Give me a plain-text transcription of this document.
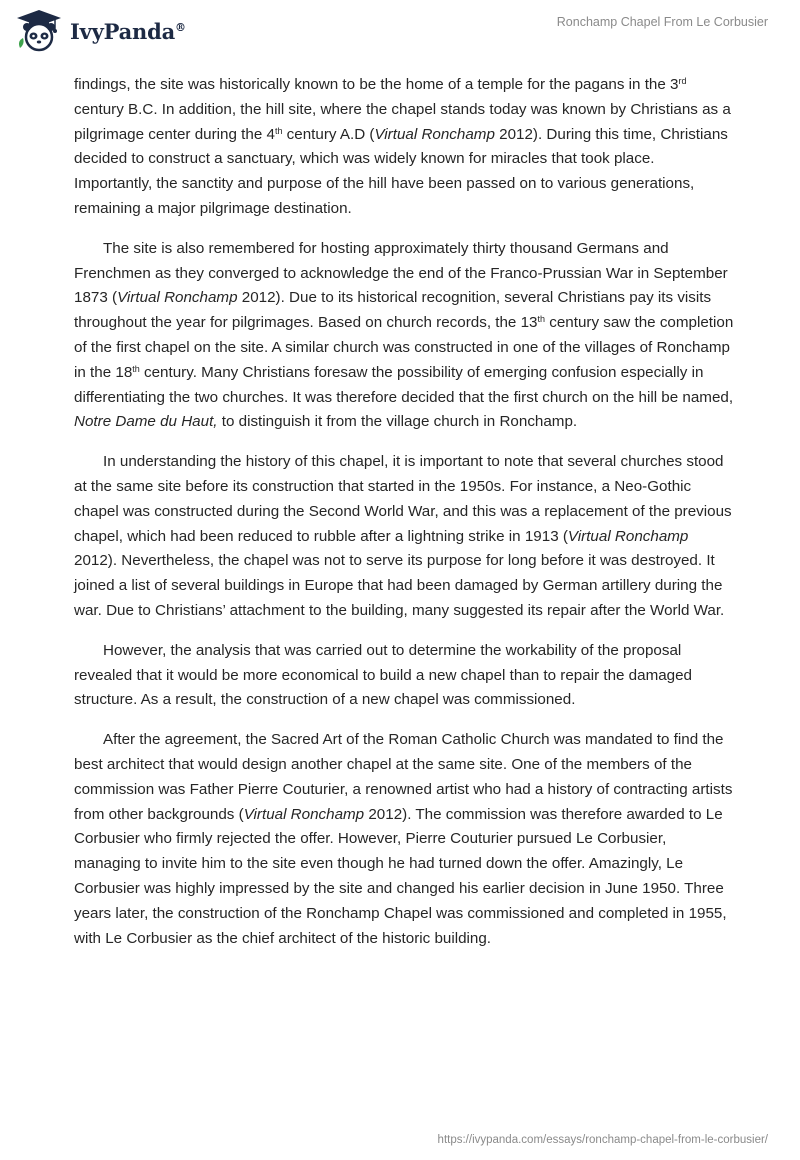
IvyPanda®	Ronchamp Chapel From Le Corbusier

findings, the site was historically known to be the home of a temple for the pagans in the 3rd century B.C. In addition, the hill site, where the chapel stands today was known by Christians as a pilgrimage center during the 4th century A.D (Virtual Ronchamp 2012). During this time, Christians decided to construct a sanctuary, which was widely known for miracles that took place. Importantly, the sanctity and purpose of the hill have been passed on to various generations, remaining a major pilgrimage destination.

The site is also remembered for hosting approximately thirty thousand Germans and Frenchmen as they converged to acknowledge the end of the Franco-Prussian War in September 1873 (Virtual Ronchamp 2012). Due to its historical recognition, several Christians pay its visits throughout the year for pilgrimages. Based on church records, the 13th century saw the completion of the first chapel on the site. A similar church was constructed in one of the villages of Ronchamp in the 18th century. Many Christians foresaw the possibility of emerging confusion especially in differentiating the two churches. It was therefore decided that the first church on the hill be named, Notre Dame du Haut, to distinguish it from the village church in Ronchamp.

In understanding the history of this chapel, it is important to note that several churches stood at the same site before its construction that started in the 1950s. For instance, a Neo-Gothic chapel was constructed during the Second World War, and this was a replacement of the previous chapel, which had been reduced to rubble after a lightning strike in 1913 (Virtual Ronchamp 2012). Nevertheless, the chapel was not to serve its purpose for long before it was destroyed. It joined a list of several buildings in Europe that had been damaged by German artillery during the war. Due to Christians’ attachment to the building, many suggested its repair after the World War.

However, the analysis that was carried out to determine the workability of the proposal revealed that it would be more economical to build a new chapel than to repair the damaged structure. As a result, the construction of a new chapel was commissioned.

After the agreement, the Sacred Art of the Roman Catholic Church was mandated to find the best architect that would design another chapel at the same site. One of the members of the commission was Father Pierre Couturier, a renowned artist who had a history of contracting artists from other backgrounds (Virtual Ronchamp 2012). The commission was therefore awarded to Le Corbusier who firmly rejected the offer. However, Pierre Couturier pursued Le Corbusier, managing to invite him to the site even though he had turned down the offer. Amazingly, Le Corbusier was highly impressed by the site and changed his earlier decision in June 1950. Three years later, the construction of the Ronchamp Chapel was commissioned and completed in 1955, with Le Corbusier as the chief architect of the historic building.

https://ivypanda.com/essays/ronchamp-chapel-from-le-corbusier/
